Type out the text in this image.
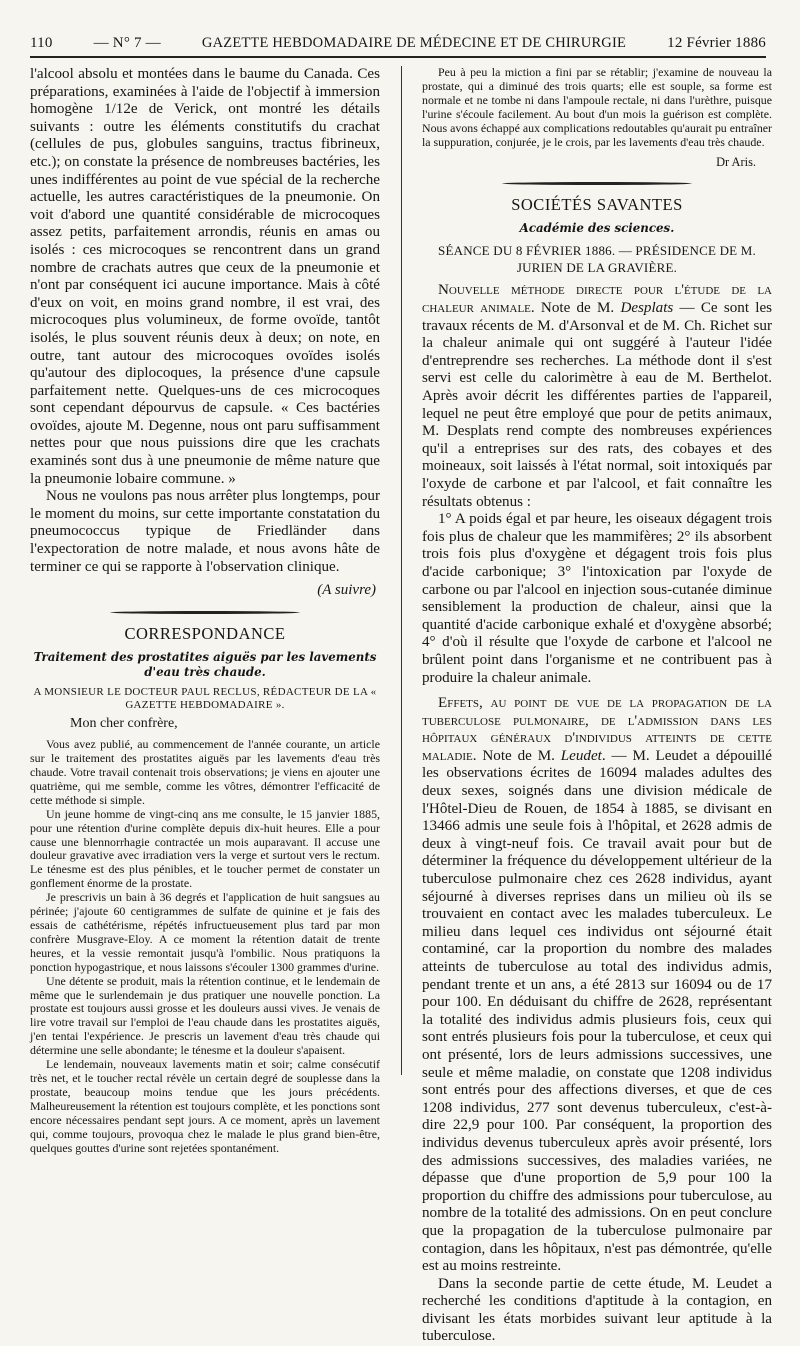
110	— N° 7 —	GAZETTE HEBDOMADAIRE DE MÉDECINE ET DE CHIRURGIE	12 Février 1886

l'alcool absolu et montées dans le baume du Canada. Ces préparations, examinées à l'aide de l'objectif à immersion homogène 1/12e de Verick, ont montré les détails suivants : outre les éléments constitutifs du crachat (cellules de pus, globules sanguins, tractus fibrineux, etc.); on constate la présence de nombreuses bactéries, les unes indifférentes au point de vue spécial de la recherche actuelle, les autres caractéristiques de la pneumonie. On voit d'abord une quantité considérable de microcoques assez petits, parfaitement arrondis, réunis en amas ou isolés : ces microcoques se rencontrent dans un grand nombre de crachats autres que ceux de la pneumonie et n'ont par conséquent ici aucune importance. Mais à côté d'eux on voit, en moins grand nombre, il est vrai, des microcoques plus volumineux, de forme ovoïde, tantôt isolés, le plus souvent réunis deux à deux; on note, en outre, tant autour des microcoques ovoïdes isolés qu'autour des diplocoques, la présence d'une capsule parfaitement nette. Quelques-uns de ces microcoques sont cependant dépourvus de capsule. « Ces bactéries ovoïdes, ajoute M. Degenne, nous ont paru suffisamment nettes pour que nous puissions dire que les crachats examinés sont dus à une pneumonie de même nature que la pneumonie lobaire commune. »

Nous ne voulons pas nous arrêter plus longtemps, pour le moment du moins, sur cette importante constatation du pneumococcus typique de Friedländer dans l'expectoration de notre malade, et nous avons hâte de terminer ce qui se rapporte à l'observation clinique.

(A suivre)
CORRESPONDANCE
Traitement des prostatites aiguës par les lavements d'eau très chaude.
A MONSIEUR LE DOCTEUR PAUL RECLUS, RÉDACTEUR DE LA « GAZETTE HEBDOMADAIRE ».
Mon cher confrère,

Vous avez publié, au commencement de l'année courante, un article sur le traitement des prostatites aiguës par les lavements d'eau très chaude. Votre travail contenait trois observations; je viens en ajouter une quatrième, qui me semble, comme les vôtres, démontrer l'efficacité de cette méthode si simple.

Un jeune homme de vingt-cinq ans me consulte, le 15 janvier 1885, pour une rétention d'urine complète depuis dix-huit heures. Elle a pour cause une blennorrhagie contractée un mois auparavant. Il accuse une douleur gravative avec irradiation vers la verge et surtout vers le rectum. Le ténesme est des plus pénibles, et le toucher permet de constater un gonflement énorme de la prostate.

Je prescrivis un bain à 36 degrés et l'application de huit sangsues au périnée; j'ajoute 60 centigrammes de sulfate de quinine et je fais des essais de cathétérisme, répétés infructueusement plus tard par mon confrère Musgrave-Eloy. A ce moment la rétention datait de trente heures, et la vessie remontait jusqu'à l'ombilic. Nous pratiquons la ponction hypogastrique, et nous laissons s'écouler 1300 grammes d'urine.

Une détente se produit, mais la rétention continue, et le lendemain de même que le surlendemain je dus pratiquer une nouvelle ponction. La prostate est toujours aussi grosse et les douleurs aussi vives. Je venais de lire votre travail sur l'emploi de l'eau chaude dans les prostatites aiguës, j'en tentai l'expérience. Je prescris un lavement d'eau très chaude qui détermine une selle abondante; le ténesme et la douleur s'apaisent.

Le lendemain, nouveaux lavements matin et soir; calme consécutif très net, et le toucher rectal révèle un certain degré de souplesse dans la prostate, beaucoup moins tendue que les jours précédents. Malheureusement la rétention est toujours complète, et les ponctions sont encore nécessaires pendant sept jours. A ce moment, après un lavement qui, comme toujours, provoqua chez le malade le plus grand bien-être, quelques gouttes d'urine sont rejetées spontanément.

Peu à peu la miction a fini par se rétablir; j'examine de nouveau la prostate, qui a diminué des trois quarts; elle est souple, sa forme est normale et ne tombe ni dans l'ampoule rectale, ni dans l'urèthre, puisque l'urine s'écoule facilement. Au bout d'un mois la guérison est complète. Nous avons échappé aux complications redoutables qu'aurait pu entraîner la suppuration, conjurée, je le crois, par les lavements d'eau très chaude.

Dr Aris.
SOCIÉTÉS SAVANTES
Académie des sciences.
SÉANCE DU 8 FÉVRIER 1886. — PRÉSIDENCE DE M. JURIEN DE LA GRAVIÈRE.

Nouvelle méthode directe pour l'étude de la chaleur animale. Note de M. Desplats — Ce sont les travaux récents de M. d'Arsonval et de M. Ch. Richet sur la chaleur animale qui ont suggéré à l'auteur l'idée d'entreprendre ses recherches. La méthode dont il s'est servi est celle du calorimètre à eau de M. Berthelot. Après avoir décrit les différentes parties de l'appareil, lequel ne peut être employé que pour de petits animaux, M. Desplats rend compte des nombreuses expériences qu'il a entreprises sur des rats, des cobayes et des moineaux, soit laissés à l'état normal, soit intoxiqués par l'oxyde de carbone et par l'alcool, et fait connaître les résultats obtenus :

1° A poids égal et par heure, les oiseaux dégagent trois fois plus de chaleur que les mammifères; 2° ils absorbent trois fois plus d'oxygène et dégagent trois fois plus d'acide carbonique; 3° l'intoxication par l'oxyde de carbone ou par l'alcool en injection sous-cutanée diminue sensiblement la production de chaleur, ainsi que la quantité d'acide carbonique exhalé et d'oxygène absorbé; 4° d'où il résulte que l'oxyde de carbone et l'alcool ne brûlent point dans l'organisme et ne contribuent pas à produire la chaleur animale.

Effets, au point de vue de la propagation de la tuberculose pulmonaire, de l'admission dans les hôpitaux généraux d'individus atteints de cette maladie. Note de M. Leudet. — M. Leudet a dépouillé les observations écrites de 16094 malades adultes des deux sexes, soignés dans une division médicale de l'Hôtel-Dieu de Rouen, de 1854 à 1885, se divisant en 13466 admis une seule fois à l'hôpital, et 2628 admis de deux à vingt-neuf fois. Ce travail avait pour but de déterminer la fréquence du développement ultérieur de la tuberculose pulmonaire chez ces 2628 individus, ayant séjourné à diverses reprises dans un milieu où ils se trouvaient en contact avec les malades tuberculeux. Le milieu dans lequel ces individus ont séjourné était contaminé, car la proportion du nombre des malades atteints de tuberculose au total des individus admis, pendant trente et un ans, a été 2813 sur 16094 ou de 17 pour 100. En déduisant du chiffre de 2628, représentant la totalité des individus admis plusieurs fois, ceux qui sont entrés plusieurs fois pour la tuberculose, et ceux qui ont présenté, lors de leurs admissions successives, une seule et même maladie, on constate que 1208 individus sont entrés pour des affections diverses, et que de ces 1208 individus, 277 sont devenus tuberculeux, c'est-à-dire 22,9 pour 100. Par conséquent, la proportion des individus devenus tuberculeux après avoir présenté, lors des admissions successives, des maladies variées, ne dépasse que d'une proportion de 5,9 pour 100 la proportion du chiffre des admissions pour tuberculose, au nombre de la totalité des admissions. On en peut conclure que la propagation de la tuberculose pulmonaire par contagion, dans les hôpitaux, n'est pas démontrée, qu'elle est au moins restreinte.

Dans la seconde partie de cette étude, M. Leudet a recherché les conditions d'aptitude à la contagion, en divisant les états morbides suivant leur aptitude à la tuberculose.
